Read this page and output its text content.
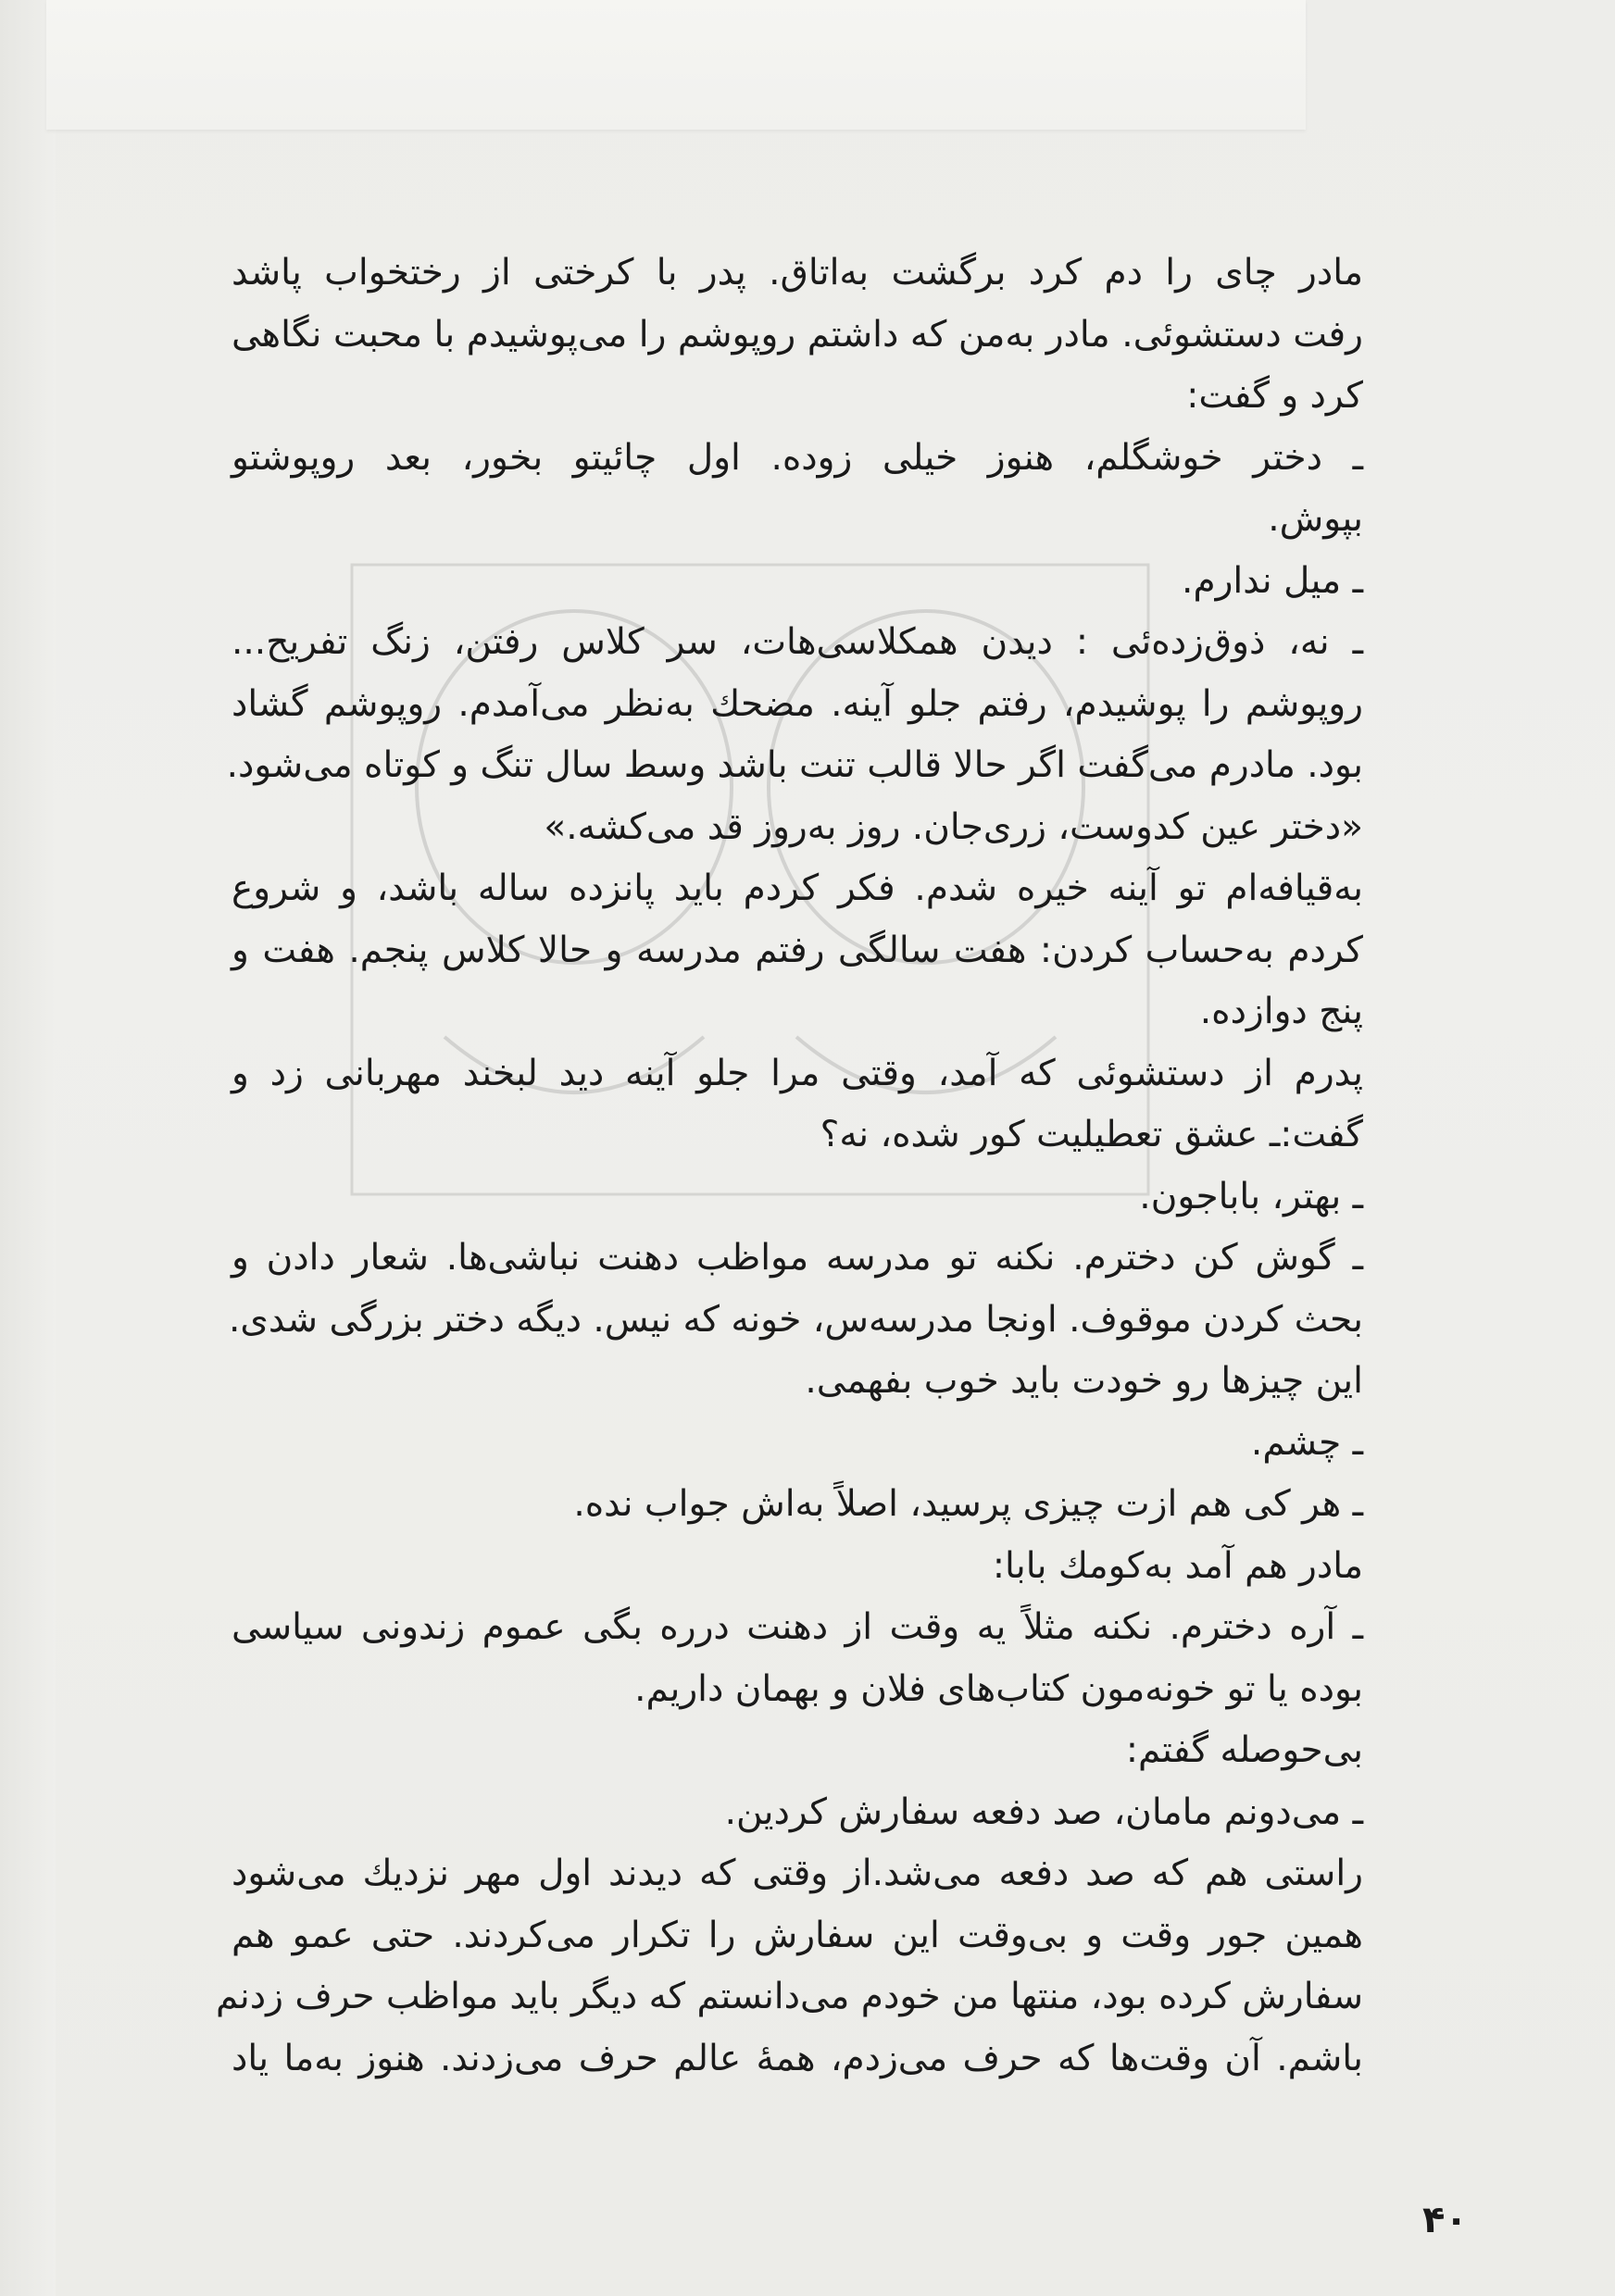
مادر چای را دم کرد برگشت به‌اتاق. پدر با کرختی از رختخواب پاشد
رفت دستشوئی. مادر به‌من که داشتم روپوشم را می‌پوشیدم با محبت نگاهی
کرد و گفت:
ـ دختر خوشگلم، هنوز خیلی زوده. اول چائیتو بخور، بعد روپوشتو
بپوش.
ـ میل ندارم.
ـ نه، ذوق‌زده‌ئی : دیدن همکلاسی‌هات، سر کلاس رفتن، زنگ تفریح...
روپوشم را پوشیدم، رفتم جلو آینه. مضحك به‌نظر می‌آمدم. روپوشم گشاد
بود. مادرم می‌گفت اگر حالا قالب تنت باشد وسط سال تنگ و کوتاه می‌شود.
«دختر عین کدوست، زری‌جان. روز به‌روز قد می‌کشه.»
به‌قیافه‌ام تو آینه خیره شدم. فکر کردم باید پانزده ساله باشد، و شروع
کردم به‌حساب کردن: هفت سالگی رفتم مدرسه و حالا کلاس پنجم. هفت و
پنج دوازده.
پدرم از دستشوئی که آمد، وقتی مرا جلو آینه دید لبخند مهربانی زد و
گفت:ـ عشق تعطیلیت کور شده، نه؟
ـ بهتر، باباجون.
ـ گوش کن دخترم. نکنه تو مدرسه مواظب دهنت نباشی‌ها. شعار دادن و
بحث کردن موقوف. اونجا مدرسه‌س، خونه که نیس. دیگه دختر بزرگی شدی.
این چیزها رو خودت باید خوب بفهمی.
ـ چشم.
ـ هر کی هم ازت چیزی پرسید، اصلاً به‌اش جواب نده.
مادر هم آمد به‌کومك بابا:
ـ آره دخترم. نکنه مثلاً یه وقت از دهنت درره بگی عموم زندونی سیاسی
بوده یا تو خونه‌مون کتاب‌های فلان و بهمان داریم.
بی‌حوصله گفتم:
ـ می‌دونم مامان، صد دفعه سفارش کردین.
راستی هم که صد دفعه می‌شد.از وقتی که دیدند اول مهر نزدیك می‌شود
همین جور وقت و بی‌وقت این سفارش را تکرار می‌کردند. حتی عمو هم
سفارش کرده بود، منتها من خودم می‌دانستم که دیگر باید مواظب حرف زدنم
باشم. آن وقت‌ها که حرف می‌زدم، همهٔ عالم حرف می‌زدند. هنوز به‌ما یاد
۴۰
